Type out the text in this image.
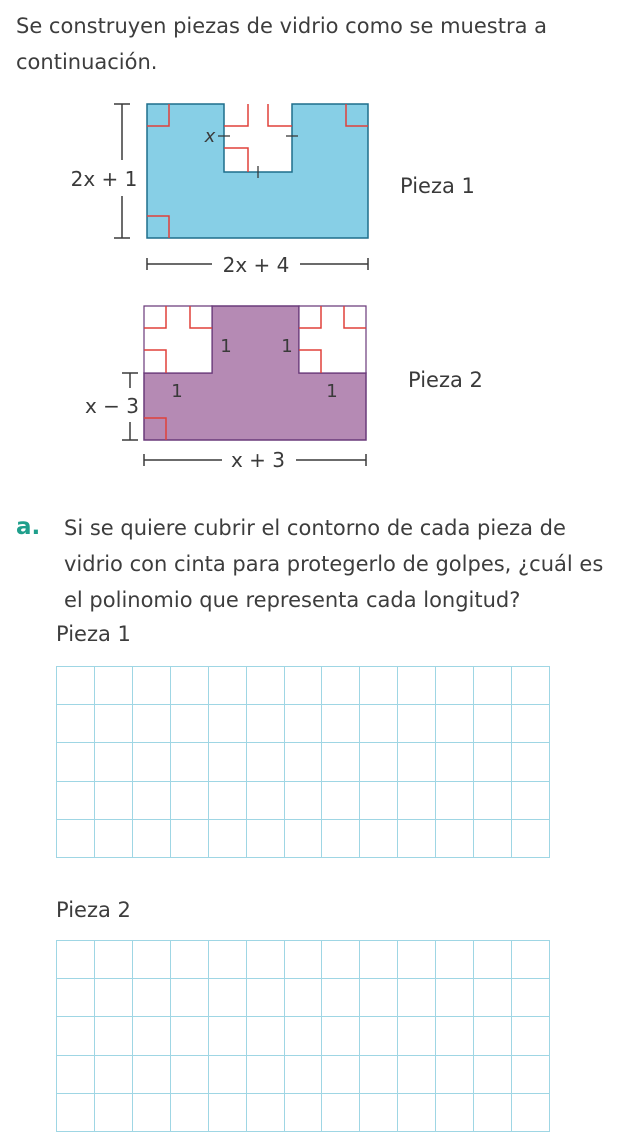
Se construyen piezas de vidrio como se muestra a continuación.
2x + 1
x
2x + 4
Pieza 1
1	1
1	1
x − 3
x + 3
Pieza 2
a. Si se quiere cubrir el contorno de cada pieza de vidrio con cinta para protegerlo de golpes, ¿cuál es el polinomio que representa cada longitud?
Pieza 1
Pieza 2
